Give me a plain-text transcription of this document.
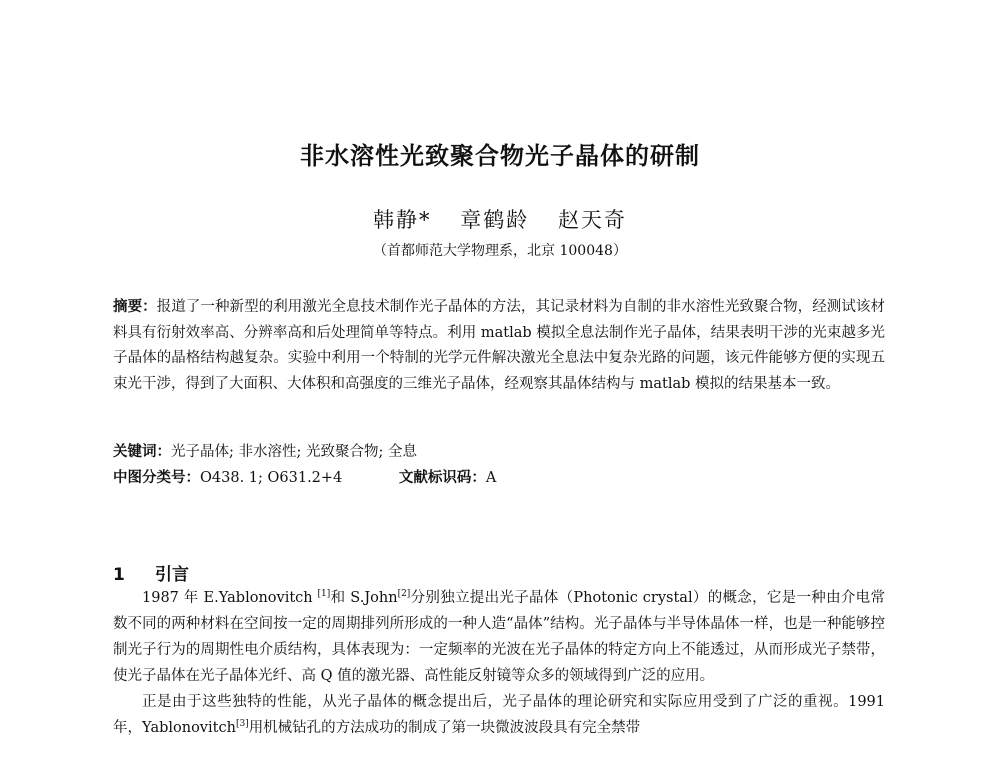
非水溶性光致聚合物光子晶体的研制
韩静* 章鹤龄 赵天奇
（首都师范大学物理系，北京 100048）
摘要：报道了一种新型的利用激光全息技术制作光子晶体的方法，其记录材料为自制的非水溶性光致聚合物，经测试该材料具有衍射效率高、分辨率高和后处理简单等特点。利用 matlab 模拟全息法制作光子晶体，结果表明干涉的光束越多光子晶体的晶格结构越复杂。实验中利用一个特制的光学元件解决激光全息法中复杂光路的问题，该元件能够方便的实现五束光干涉，得到了大面积、大体积和高强度的三维光子晶体，经观察其晶体结构与 matlab 模拟的结果基本一致。
关键词：光子晶体; 非水溶性; 光致聚合物; 全息
中图分类号：O438. 1; O631.2+4	文献标识码：A
1 引言

1987 年 E.Yablonovitch [1]和 S.John[2]分别独立提出光子晶体（Photonic crystal）的概念，它是一种由介电常数不同的两种材料在空间按一定的周期排列所形成的一种人造“晶体”结构。光子晶体与半导体晶体一样，也是一种能够控制光子行为的周期性电介质结构，具体表现为：一定频率的光波在光子晶体的特定方向上不能透过，从而形成光子禁带，使光子晶体在光子晶体光纤、高 Q 值的激光器、高性能反射镜等众多的领域得到广泛的应用。

正是由于这些独特的性能，从光子晶体的概念提出后，光子晶体的理论研究和实际应用受到了广泛的重视。1991 年，Yablonovitch[3]用机械钻孔的方法成功的制成了第一块微波波段具有完全禁带
